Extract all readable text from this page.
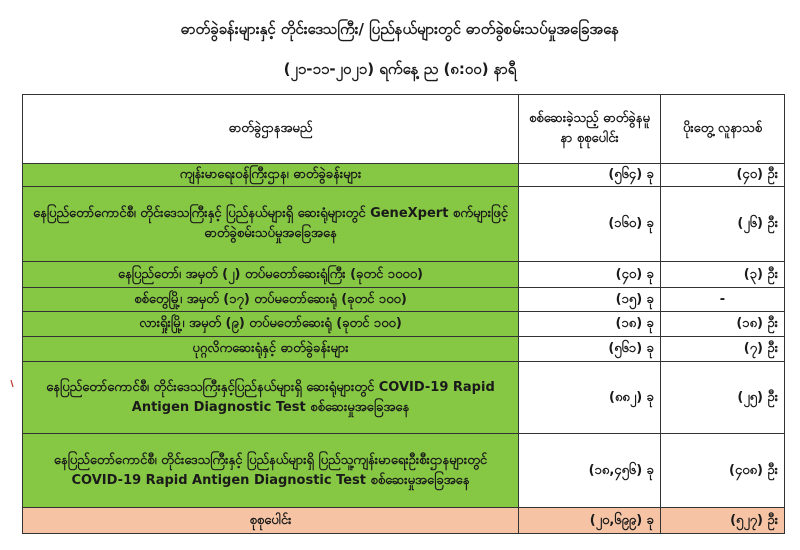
ဓာတ်ခွဲခန်းများနှင့် တိုင်းဒေသကြီး/ ပြည်နယ်များတွင် ဓာတ်ခွဲစမ်းသပ်မှုအခြေအနေ
(၂၁-၁၁-၂၀၂၁) ရက်နေ့ ည (၈:၀၀) နာရီ
ဓာတ်ခွဲဌာနအမည်	စစ်ဆေးခဲ့သည့် ဓာတ်ခွဲနမူနာ စုစုပေါင်း	ပိုးတွေ့ လူနာသစ်
ကျန်းမာရေးဝန်ကြီးဌာန၊ ဓာတ်ခွဲခန်းများ	(၅၆၄) ခု	(၄၀) ဦး
နေပြည်တော်ကောင်စီ၊ တိုင်းဒေသကြီးနှင့် ပြည်နယ်များရှိ ဆေးရုံများတွင် GeneXpert စက်များဖြင့် ဓာတ်ခွဲစမ်းသပ်မှုအခြေအနေ	(၁၆၀) ခု	(၂၆) ဦး
နေပြည်တော်၊ အမှတ် (၂) တပ်မတော်ဆေးရုံကြီး (ခုတင် ၁၀၀၀)	(၄၀) ခု	(၃) ဦး
စစ်တွေမြို့၊ အမှတ် (၁၇) တပ်မတော်ဆေးရုံ (ခုတင် ၁၀၀)	(၁၅) ခု	-
လားရှိုးမြို့၊ အမှတ် (၉) တပ်မတော်ဆေးရုံ (ခုတင် ၁၀၀)	(၁၈) ခု	(၁၈) ဦး
ပုဂ္ဂလိကဆေးရုံနှင့် ဓာတ်ခွဲခန်းများ	(၅၆၁) ခု	(၇) ဦး
နေပြည်တော်ကောင်စီ၊ တိုင်းဒေသကြီးနှင့်ပြည်နယ်များရှိ ဆေးရုံများတွင် COVID-19 Rapid Antigen Diagnostic Test စစ်ဆေးမှုအခြေအနေ	(၈၈၂) ခု	(၂၅) ဦး
နေပြည်တော်ကောင်စီ၊ တိုင်းဒေသကြီးနှင့် ပြည်နယ်များရှိ ပြည်သူ့ကျန်းမာရေးဦးစီးဌာနများတွင် COVID-19 Rapid Antigen Diagnostic Test စစ်ဆေးမှုအခြေအနေ	(၁၈,၄၅၆) ခု	(၄၀၈) ဦး
စုစုပေါင်း	(၂၀,၆၉၉) ခု	(၅၂၇) ဦး
